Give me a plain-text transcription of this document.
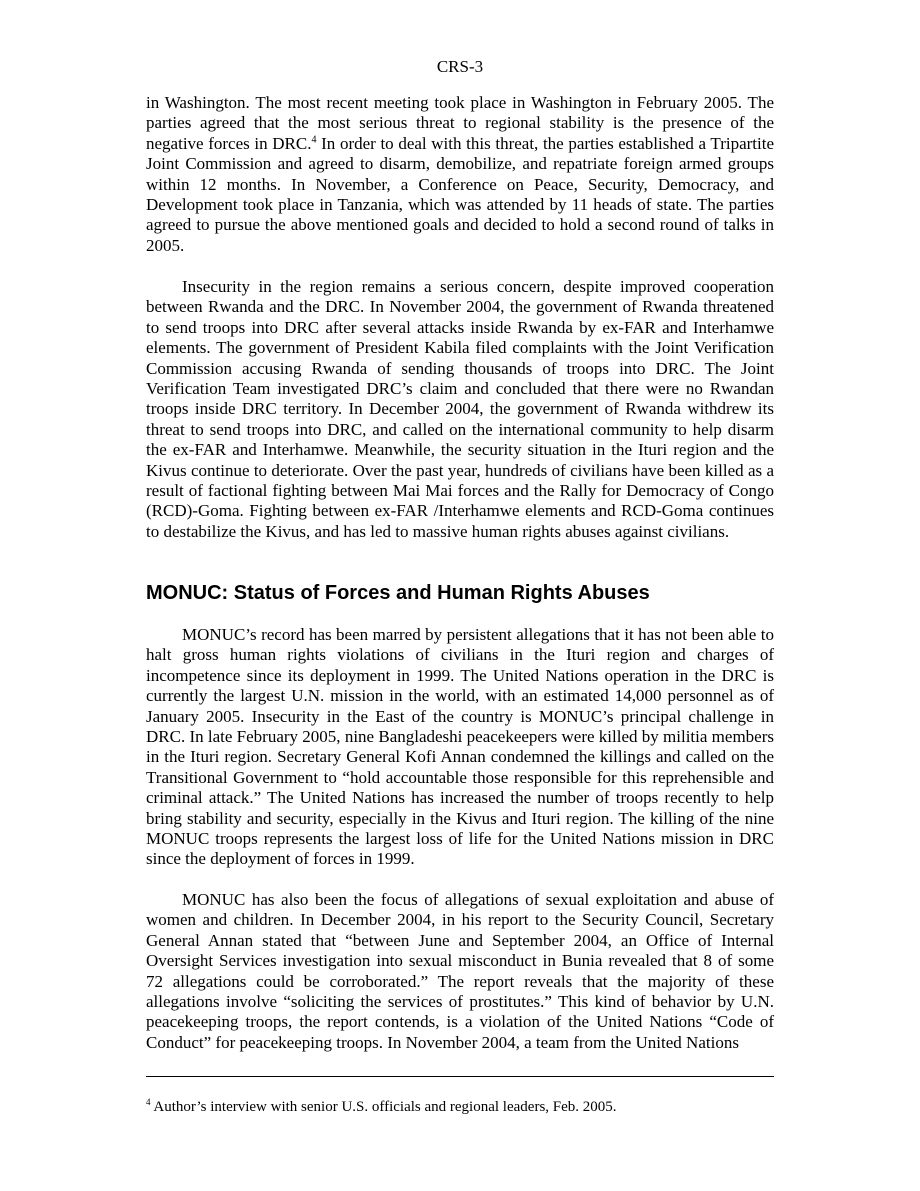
CRS-3

in Washington. The most recent meeting took place in Washington in February 2005. The parties agreed that the most serious threat to regional stability is the presence of the negative forces in DRC.$^4$ In order to deal with this threat, the parties established a Tripartite Joint Commission and agreed to disarm, demobilize, and repatriate foreign armed groups within 12 months. In November, a Conference on Peace, Security, Democracy, and Development took place in Tanzania, which was attended by 11 heads of state. The parties agreed to pursue the above mentioned goals and decided to hold a second round of talks in 2005.

Insecurity in the region remains a serious concern, despite improved cooperation between Rwanda and the DRC. In November 2004, the government of Rwanda threatened to send troops into DRC after several attacks inside Rwanda by ex-FAR and Interhamwe elements. The government of President Kabila filed complaints with the Joint Verification Commission accusing Rwanda of sending thousands of troops into DRC. The Joint Verification Team investigated DRC’s claim and concluded that there were no Rwandan troops inside DRC territory. In December 2004, the government of Rwanda withdrew its threat to send troops into DRC, and called on the international community to help disarm the ex-FAR and Interhamwe. Meanwhile, the security situation in the Ituri region and the Kivus continue to deteriorate. Over the past year, hundreds of civilians have been killed as a result of factional fighting between Mai Mai forces and the Rally for Democracy of Congo (RCD)-Goma. Fighting between ex-FAR /Interhamwe elements and RCD-Goma continues to destabilize the Kivus, and has led to massive human rights abuses against civilians.

MONUC: Status of Forces and Human Rights Abuses

MONUC’s record has been marred by persistent allegations that it has not been able to halt gross human rights violations of civilians in the Ituri region and charges of incompetence since its deployment in 1999. The United Nations operation in the DRC is currently the largest U.N. mission in the world, with an estimated 14,000 personnel as of January 2005. Insecurity in the East of the country is MONUC’s principal challenge in DRC. In late February 2005, nine Bangladeshi peacekeepers were killed by militia members in the Ituri region. Secretary General Kofi Annan condemned the killings and called on the Transitional Government to “hold accountable those responsible for this reprehensible and criminal attack.” The United Nations has increased the number of troops recently to help bring stability and security, especially in the Kivus and Ituri region. The killing of the nine MONUC troops represents the largest loss of life for the United Nations mission in DRC since the deployment of forces in 1999.

MONUC has also been the focus of allegations of sexual exploitation and abuse of women and children. In December 2004, in his report to the Security Council, Secretary General Annan stated that “between June and September 2004, an Office of Internal Oversight Services investigation into sexual misconduct in Bunia revealed that 8 of some 72 allegations could be corroborated.” The report reveals that the majority of these allegations involve “soliciting the services of prostitutes.” This kind of behavior by U.N. peacekeeping troops, the report contends, is a violation of the United Nations “Code of Conduct” for peacekeeping troops. In November 2004, a team from the United Nations

$^4$ Author’s interview with senior U.S. officials and regional leaders, Feb. 2005.
